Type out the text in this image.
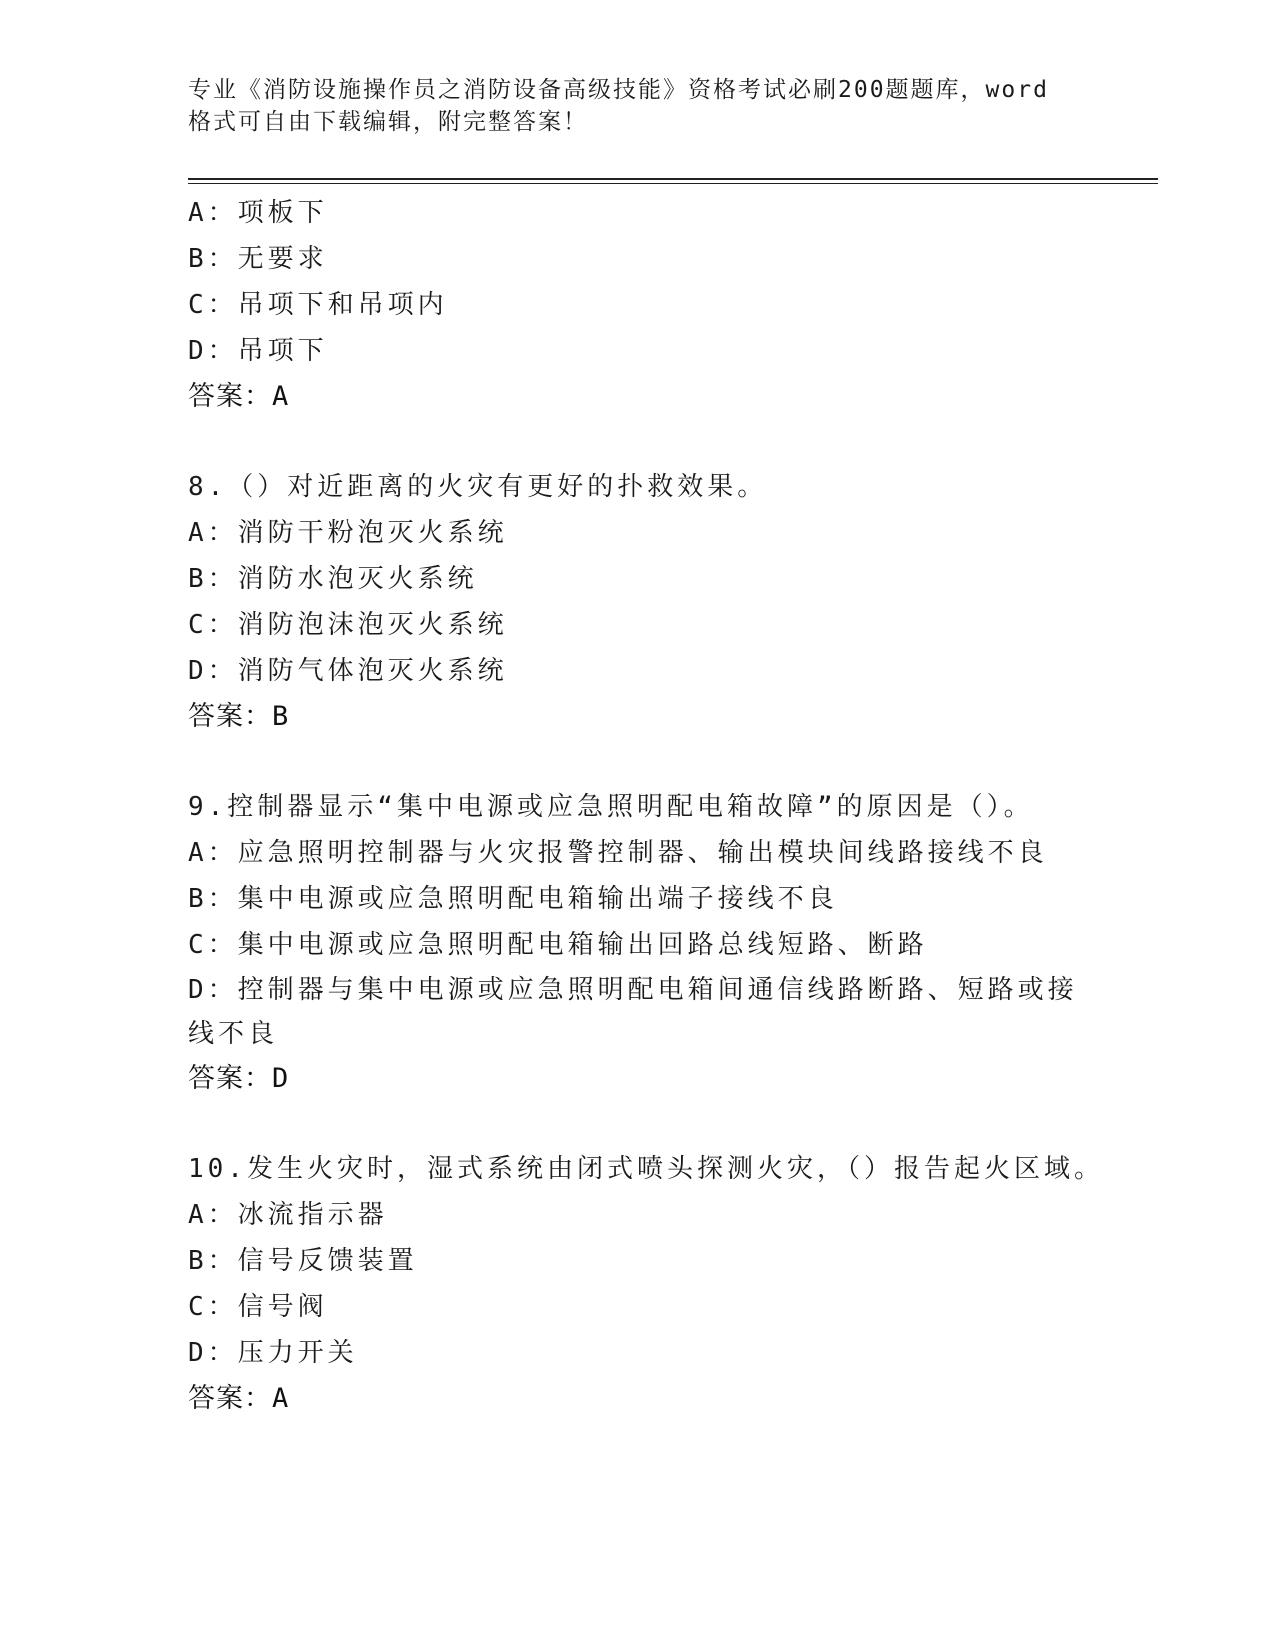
专业《消防设施操作员之消防设备高级技能》资格考试必刷200题题库，word格式可自由下载编辑，附完整答案！

A：项板下

B：无要求

C：吊项下和吊项内

D：吊项下

答案：A

8.（）对近距离的火灾有更好的扑救效果。

A：消防干粉泡灭火系统

B：消防水泡灭火系统

C：消防泡沫泡灭火系统

D：消防气体泡灭火系统

答案：B

9.控制器显示“集中电源或应急照明配电箱故障”的原因是（）。

A：应急照明控制器与火灾报警控制器、输出模块间线路接线不良

B：集中电源或应急照明配电箱输出端子接线不良

C：集中电源或应急照明配电箱输出回路总线短路、断路

D：控制器与集中电源或应急照明配电箱间通信线路断路、短路或接线不良

答案：D

10.发生火灾时，湿式系统由闭式喷头探测火灾，（）报告起火区域。

A：冰流指示器

B：信号反馈装置

C：信号阀

D：压力开关

答案：A
